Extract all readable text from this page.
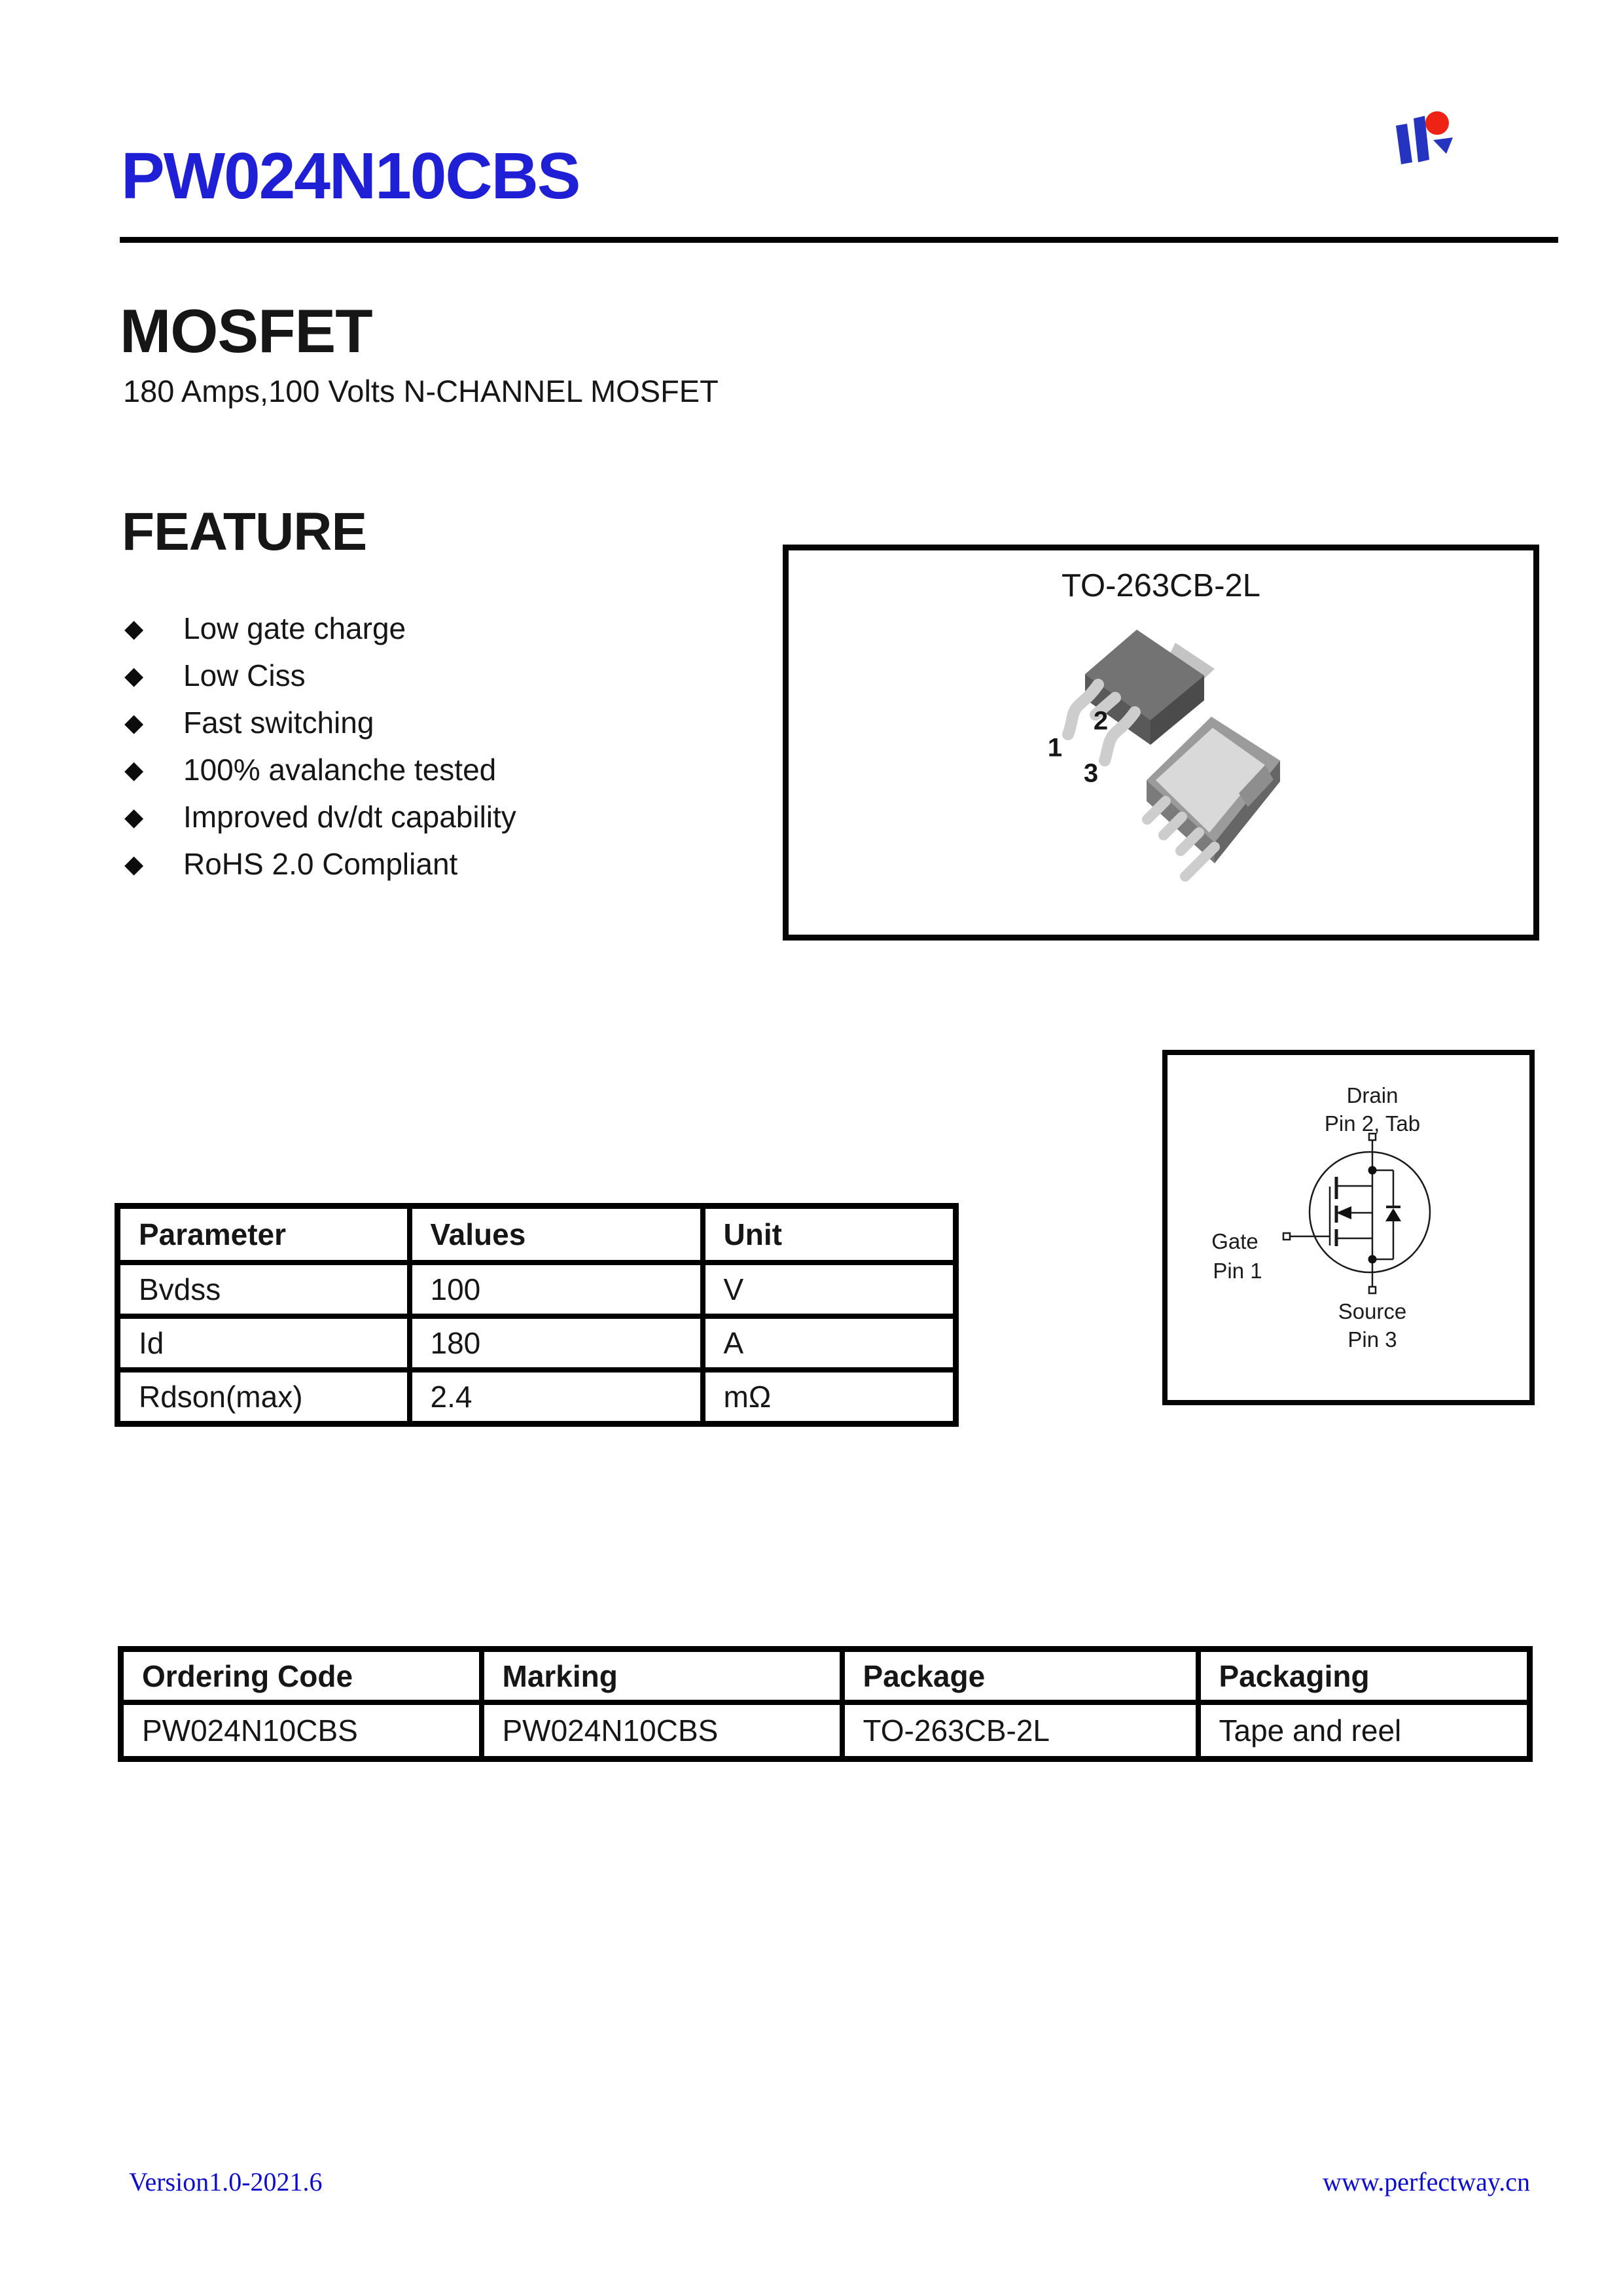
PW024N10CBS
MOSFET
180 Amps,100 Volts N-CHANNEL MOSFET
FEATURE
◆	Low gate charge
◆	Low Ciss
◆	Fast switching
◆	100% avalanche tested
◆	Improved dv/dt capability
◆	RoHS 2.0 Compliant
TO-263CB-2L
1
2
3
Drain
Pin 2, Tab
Gate
Pin 1
Source
Pin 3
Parameter	Values	Unit
Bvdss	100	V
Id	180	A
Rdson(max)	2.4	mΩ
Ordering Code	Marking	Package	Packaging
PW024N10CBS	PW024N10CBS	TO-263CB-2L	Tape and reel
Version1.0-2021.6	www.perfectway.cn
